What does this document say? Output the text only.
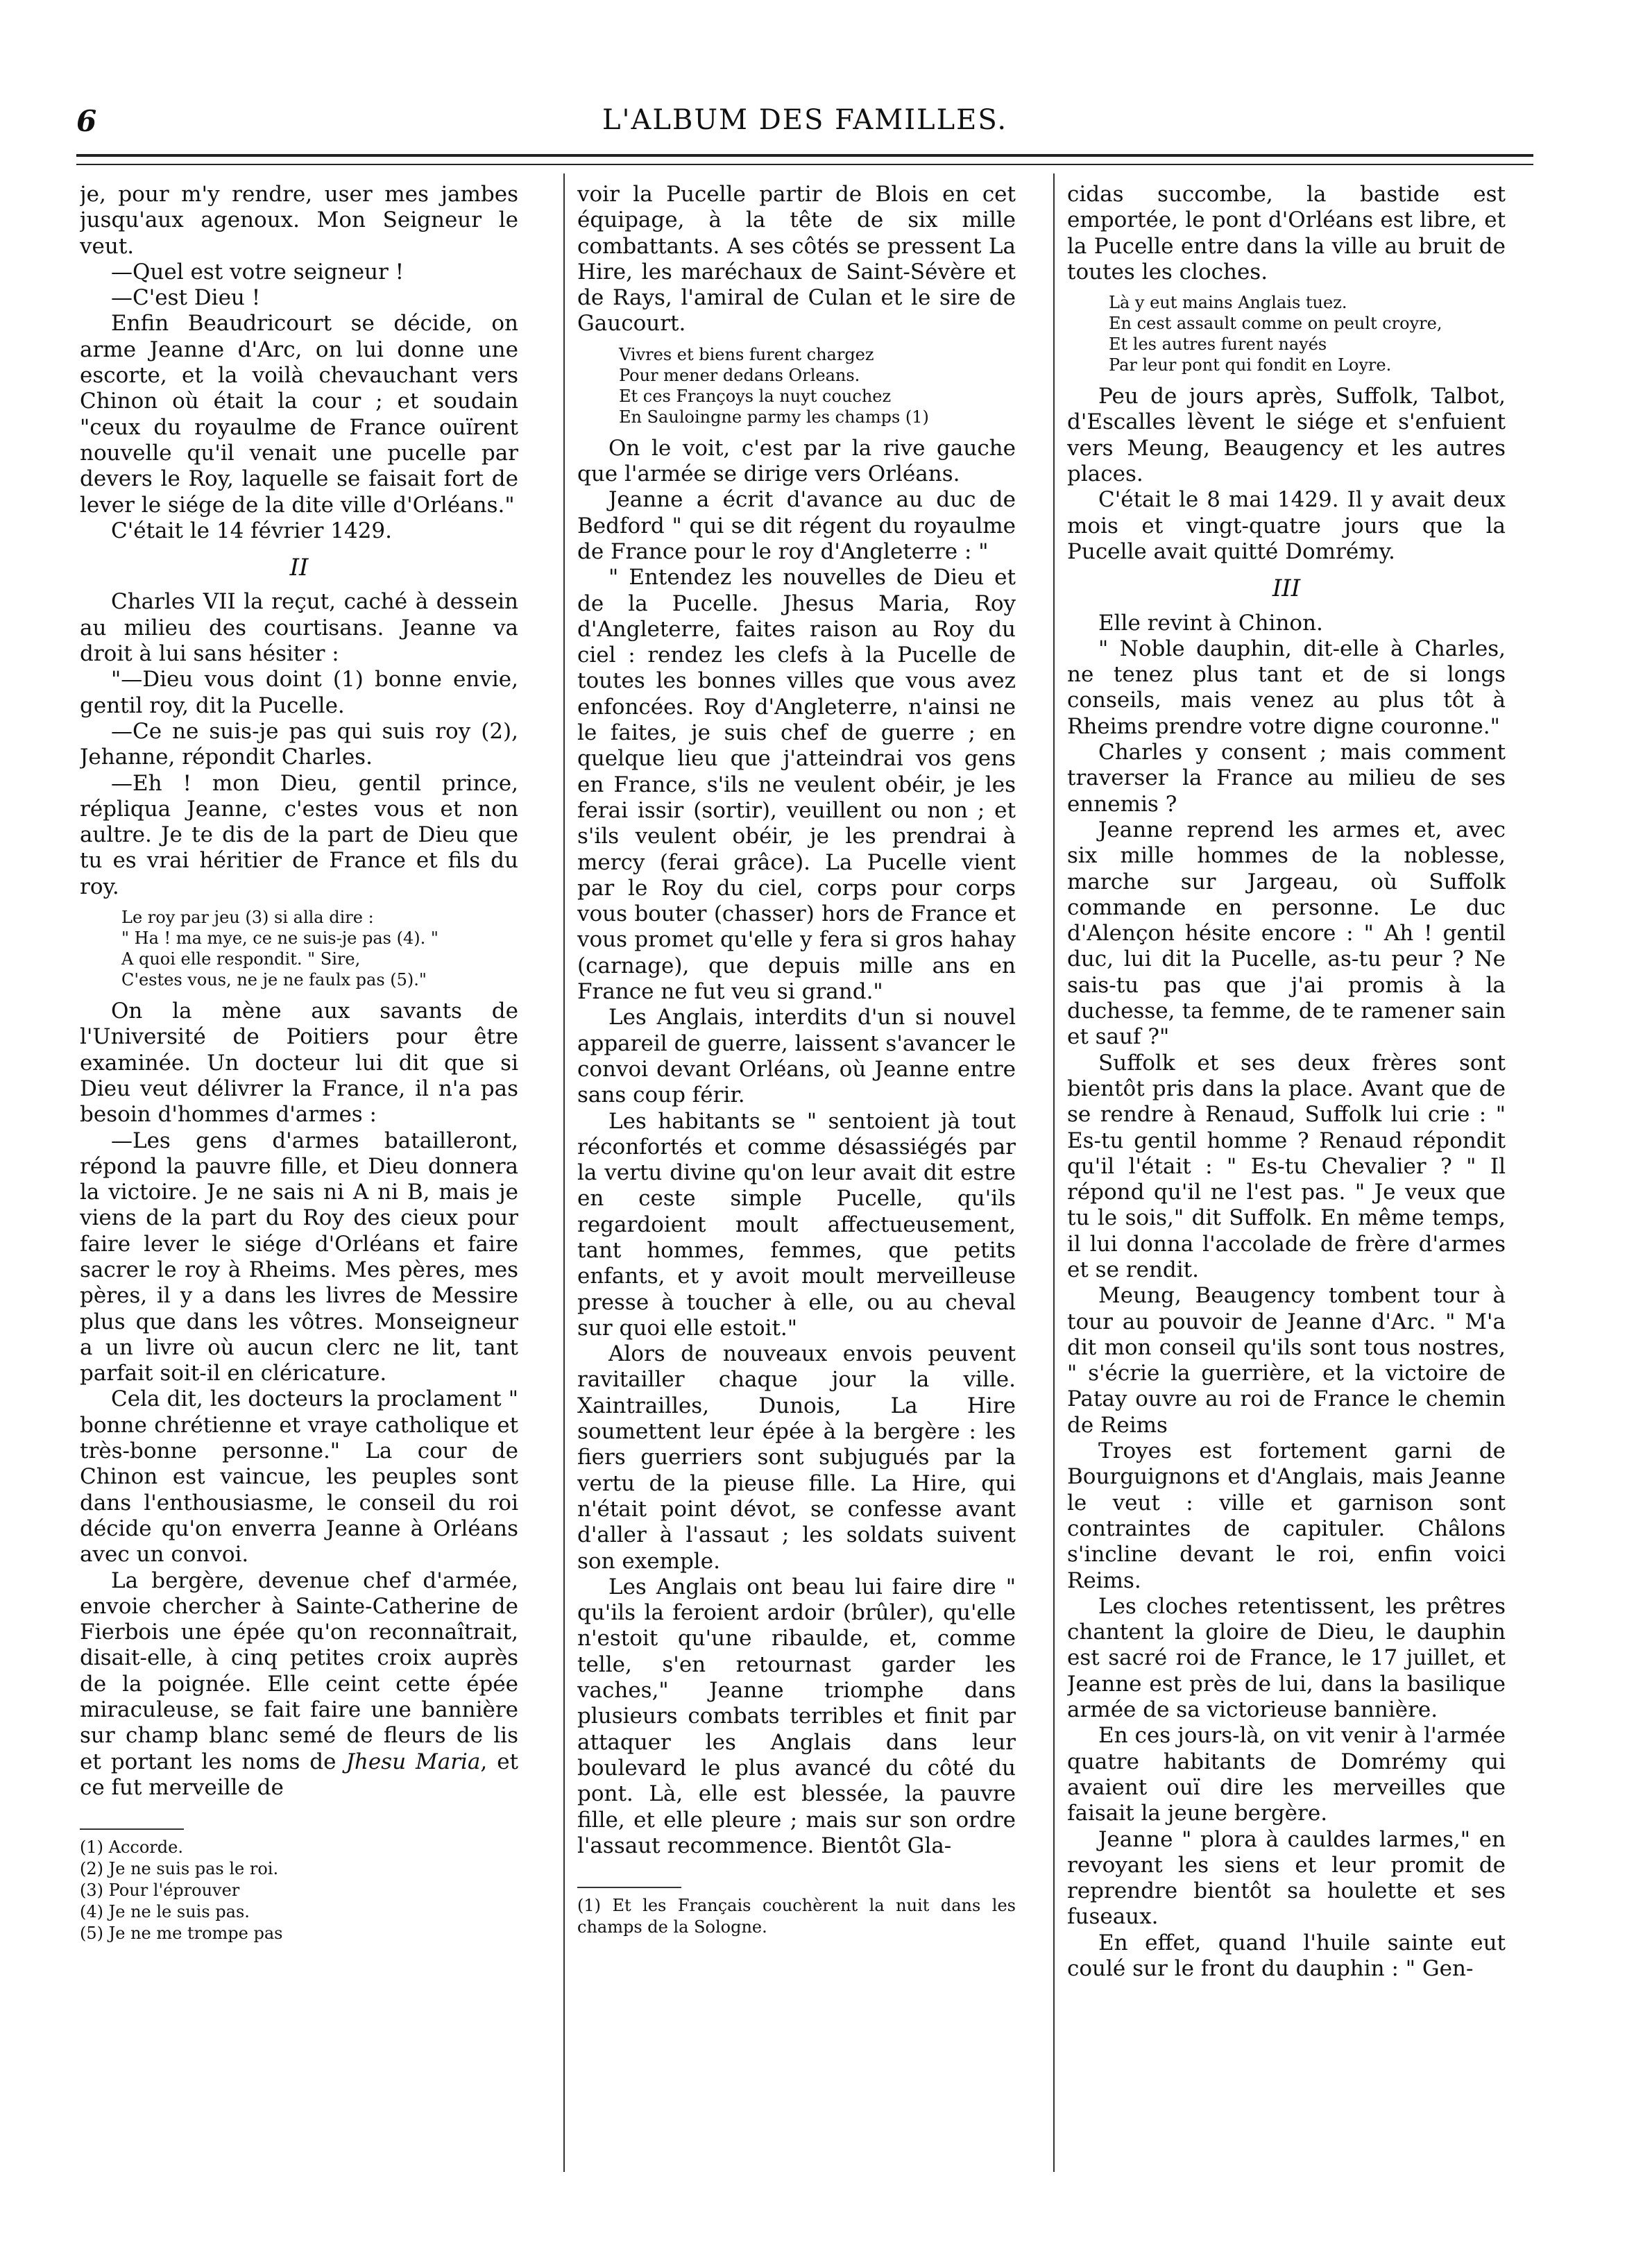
6	L'ALBUM DES FAMILLES.

je, pour m'y rendre, user mes jambes jusqu'aux agenoux. Mon Seigneur le veut.

—Quel est votre seigneur !

—C'est Dieu !

Enfin Beaudricourt se décide, on arme Jeanne d'Arc, on lui donne une escorte, et la voilà chevauchant vers Chinon où était la cour ; et soudain "ceux du royaulme de France ouïrent nouvelle qu'il venait une pucelle par devers le Roy, laquelle se faisait fort de lever le siége de la dite ville d'Orléans."

C'était le 14 février 1429.

II

Charles VII la reçut, caché à dessein au milieu des courtisans. Jeanne va droit à lui sans hésiter :

"—Dieu vous doint (1) bonne envie, gentil roy, dit la Pucelle.

—Ce ne suis-je pas qui suis roy (2), Jehanne, répondit Charles.

—Eh ! mon Dieu, gentil prince, répliqua Jeanne, c'estes vous et non aultre. Je te dis de la part de Dieu que tu es vrai héritier de France et fils du roy.

Le roy par jeu (3) si alla dire :
" Ha ! ma mye, ce ne suis-je pas (4). "
A quoi elle respondit. " Sire,
C'estes vous, ne je ne faulx pas (5)."

On la mène aux savants de l'Université de Poitiers pour être examinée. Un docteur lui dit que si Dieu veut délivrer la France, il n'a pas besoin d'hommes d'armes :

—Les gens d'armes batailleront, répond la pauvre fille, et Dieu donnera la victoire. Je ne sais ni A ni B, mais je viens de la part du Roy des cieux pour faire lever le siége d'Orléans et faire sacrer le roy à Rheims. Mes pères, mes pères, il y a dans les livres de Messire plus que dans les vôtres. Monseigneur a un livre où aucun clerc ne lit, tant parfait soit-il en cléricature.

Cela dit, les docteurs la proclament " bonne chrétienne et vraye catholique et très-bonne personne." La cour de Chinon est vaincue, les peuples sont dans l'enthousiasme, le conseil du roi décide qu'on enverra Jeanne à Orléans avec un convoi.

La bergère, devenue chef d'armée, envoie chercher à Sainte-Catherine de Fierbois une épée qu'on reconnaîtrait, disait-elle, à cinq petites croix auprès de la poignée. Elle ceint cette épée miraculeuse, se fait faire une bannière sur champ blanc semé de fleurs de lis et portant les noms de Jhesu Maria, et ce fut merveille de

(1) Accorde.
(2) Je ne suis pas le roi.
(3) Pour l'éprouver
(4) Je ne le suis pas.
(5) Je ne me trompe pas

voir la Pucelle partir de Blois en cet équipage, à la tête de six mille combattants. A ses côtés se pressent La Hire, les maréchaux de Saint-Sévère et de Rays, l'amiral de Culan et le sire de Gaucourt.

Vivres et biens furent chargez
Pour mener dedans Orleans.
Et ces Françoys la nuyt couchez
En Sauloingne parmy les champs (1)

On le voit, c'est par la rive gauche que l'armée se dirige vers Orléans.

Jeanne a écrit d'avance au duc de Bedford " qui se dit régent du royaulme de France pour le roy d'Angleterre : "

" Entendez les nouvelles de Dieu et de la Pucelle. Jhesus Maria, Roy d'Angleterre, faites raison au Roy du ciel : rendez les clefs à la Pucelle de toutes les bonnes villes que vous avez enfoncées. Roy d'Angleterre, n'ainsi ne le faites, je suis chef de guerre ; en quelque lieu que j'atteindrai vos gens en France, s'ils ne veulent obéir, je les ferai issir (sortir), veuillent ou non ; et s'ils veulent obéir, je les prendrai à mercy (ferai grâce). La Pucelle vient par le Roy du ciel, corps pour corps vous bouter (chasser) hors de France et vous promet qu'elle y fera si gros hahay (carnage), que depuis mille ans en France ne fut veu si grand."

Les Anglais, interdits d'un si nouvel appareil de guerre, laissent s'avancer le convoi devant Orléans, où Jeanne entre sans coup férir.

Les habitants se " sentoient jà tout réconfortés et comme désassiégés par la vertu divine qu'on leur avait dit estre en ceste simple Pucelle, qu'ils regardoient moult affectueusement, tant hommes, femmes, que petits enfants, et y avoit moult merveilleuse presse à toucher à elle, ou au cheval sur quoi elle estoit."

Alors de nouveaux envois peuvent ravitailler chaque jour la ville. Xaintrailles, Dunois, La Hire soumettent leur épée à la bergère : les fiers guerriers sont subjugués par la vertu de la pieuse fille. La Hire, qui n'était point dévot, se confesse avant d'aller à l'assaut ; les soldats suivent son exemple.

Les Anglais ont beau lui faire dire " qu'ils la feroient ardoir (brûler), qu'elle n'estoit qu'une ribaulde, et, comme telle, s'en retournast garder les vaches," Jeanne triomphe dans plusieurs combats terribles et finit par attaquer les Anglais dans leur boulevard le plus avancé du côté du pont. Là, elle est blessée, la pauvre fille, et elle pleure ; mais sur son ordre l'assaut recommence. Bientôt Gla-

(1) Et les Français couchèrent la nuit dans les champs de la Sologne.

cidas succombe, la bastide est emportée, le pont d'Orléans est libre, et la Pucelle entre dans la ville au bruit de toutes les cloches.

Là y eut mains Anglais tuez.
En cest assault comme on peult croyre,
Et les autres furent nayés
Par leur pont qui fondit en Loyre.

Peu de jours après, Suffolk, Talbot, d'Escalles lèvent le siége et s'enfuient vers Meung, Beaugency et les autres places.

C'était le 8 mai 1429. Il y avait deux mois et vingt-quatre jours que la Pucelle avait quitté Domrémy.

III

Elle revint à Chinon.

" Noble dauphin, dit-elle à Charles, ne tenez plus tant et de si longs conseils, mais venez au plus tôt à Rheims prendre votre digne couronne."

Charles y consent ; mais comment traverser la France au milieu de ses ennemis ?

Jeanne reprend les armes et, avec six mille hommes de la noblesse, marche sur Jargeau, où Suffolk commande en personne. Le duc d'Alençon hésite encore : " Ah ! gentil duc, lui dit la Pucelle, as-tu peur ? Ne sais-tu pas que j'ai promis à la duchesse, ta femme, de te ramener sain et sauf ?"

Suffolk et ses deux frères sont bientôt pris dans la place. Avant que de se rendre à Renaud, Suffolk lui crie : " Es-tu gentil homme ? Renaud répondit qu'il l'était : " Es-tu Chevalier ? " Il répond qu'il ne l'est pas. " Je veux que tu le sois," dit Suffolk. En même temps, il lui donna l'accolade de frère d'armes et se rendit.

Meung, Beaugency tombent tour à tour au pouvoir de Jeanne d'Arc. " M'a dit mon conseil qu'ils sont tous nostres, " s'écrie la guerrière, et la victoire de Patay ouvre au roi de France le chemin de Reims

Troyes est fortement garni de Bourguignons et d'Anglais, mais Jeanne le veut : ville et garnison sont contraintes de capituler. Châlons s'incline devant le roi, enfin voici Reims.

Les cloches retentissent, les prêtres chantent la gloire de Dieu, le dauphin est sacré roi de France, le 17 juillet, et Jeanne est près de lui, dans la basilique armée de sa victorieuse bannière.

En ces jours-là, on vit venir à l'armée quatre habitants de Domrémy qui avaient ouï dire les merveilles que faisait la jeune bergère.

Jeanne " plora à cauldes larmes," en revoyant les siens et leur promit de reprendre bientôt sa houlette et ses fuseaux.

En effet, quand l'huile sainte eut coulé sur le front du dauphin : " Gen-
